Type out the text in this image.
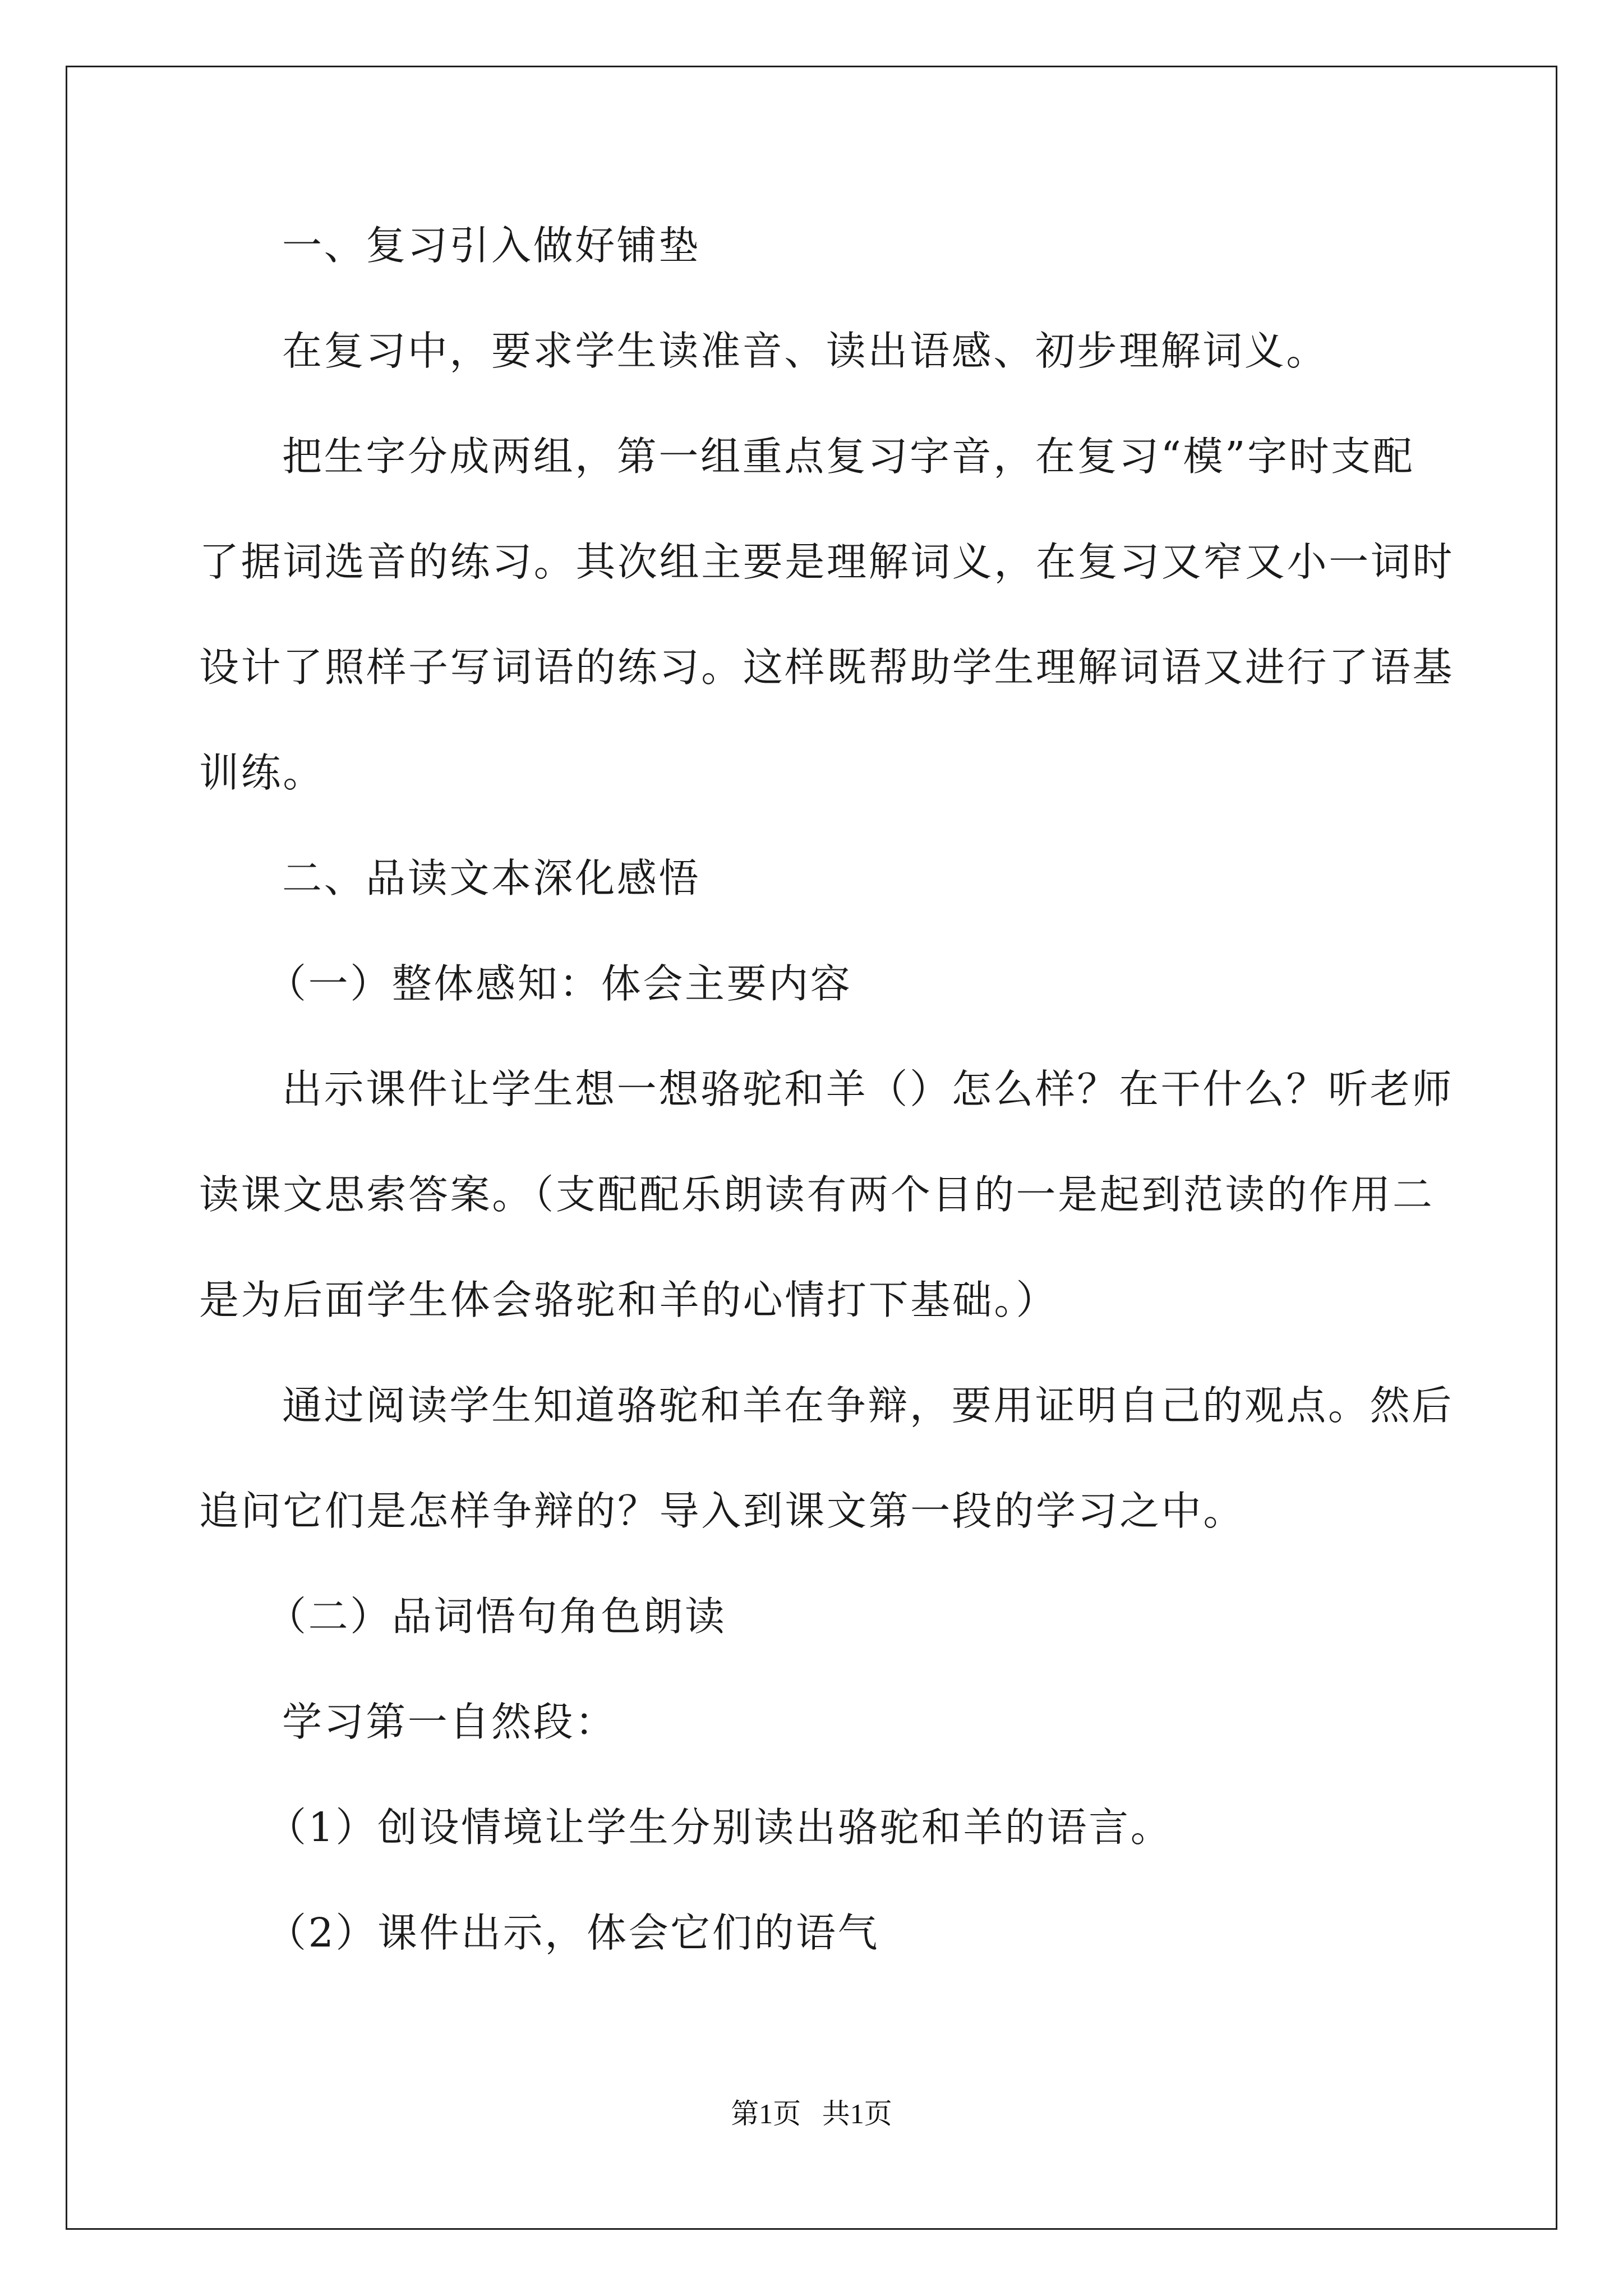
一、复习引入做好铺垫

在复习中，要求学生读准音、读出语感、初步理解词义。

把生字分成两组，第一组重点复习字音，在复习“模”字时支配

了据词选音的练习。其次组主要是理解词义，在复习又窄又小一词时

设计了照样子写词语的练习。这样既帮助学生理解词语又进行了语基

训练。

二、品读文本深化感悟

（一）整体感知：体会主要内容

出示课件让学生想一想骆驼和羊（）怎么样？在干什么？听老师

读课文思索答案。（支配配乐朗读有两个目的一是起到范读的作用二

是为后面学生体会骆驼和羊的心情打下基础。）

通过阅读学生知道骆驼和羊在争辩，要用证明自己的观点。然后

追问它们是怎样争辩的？导入到课文第一段的学习之中。

（二）品词悟句角色朗读

学习第一自然段：

（1）创设情境让学生分别读出骆驼和羊的语言。

（2）课件出示，体会它们的语气

第1页 共1页
